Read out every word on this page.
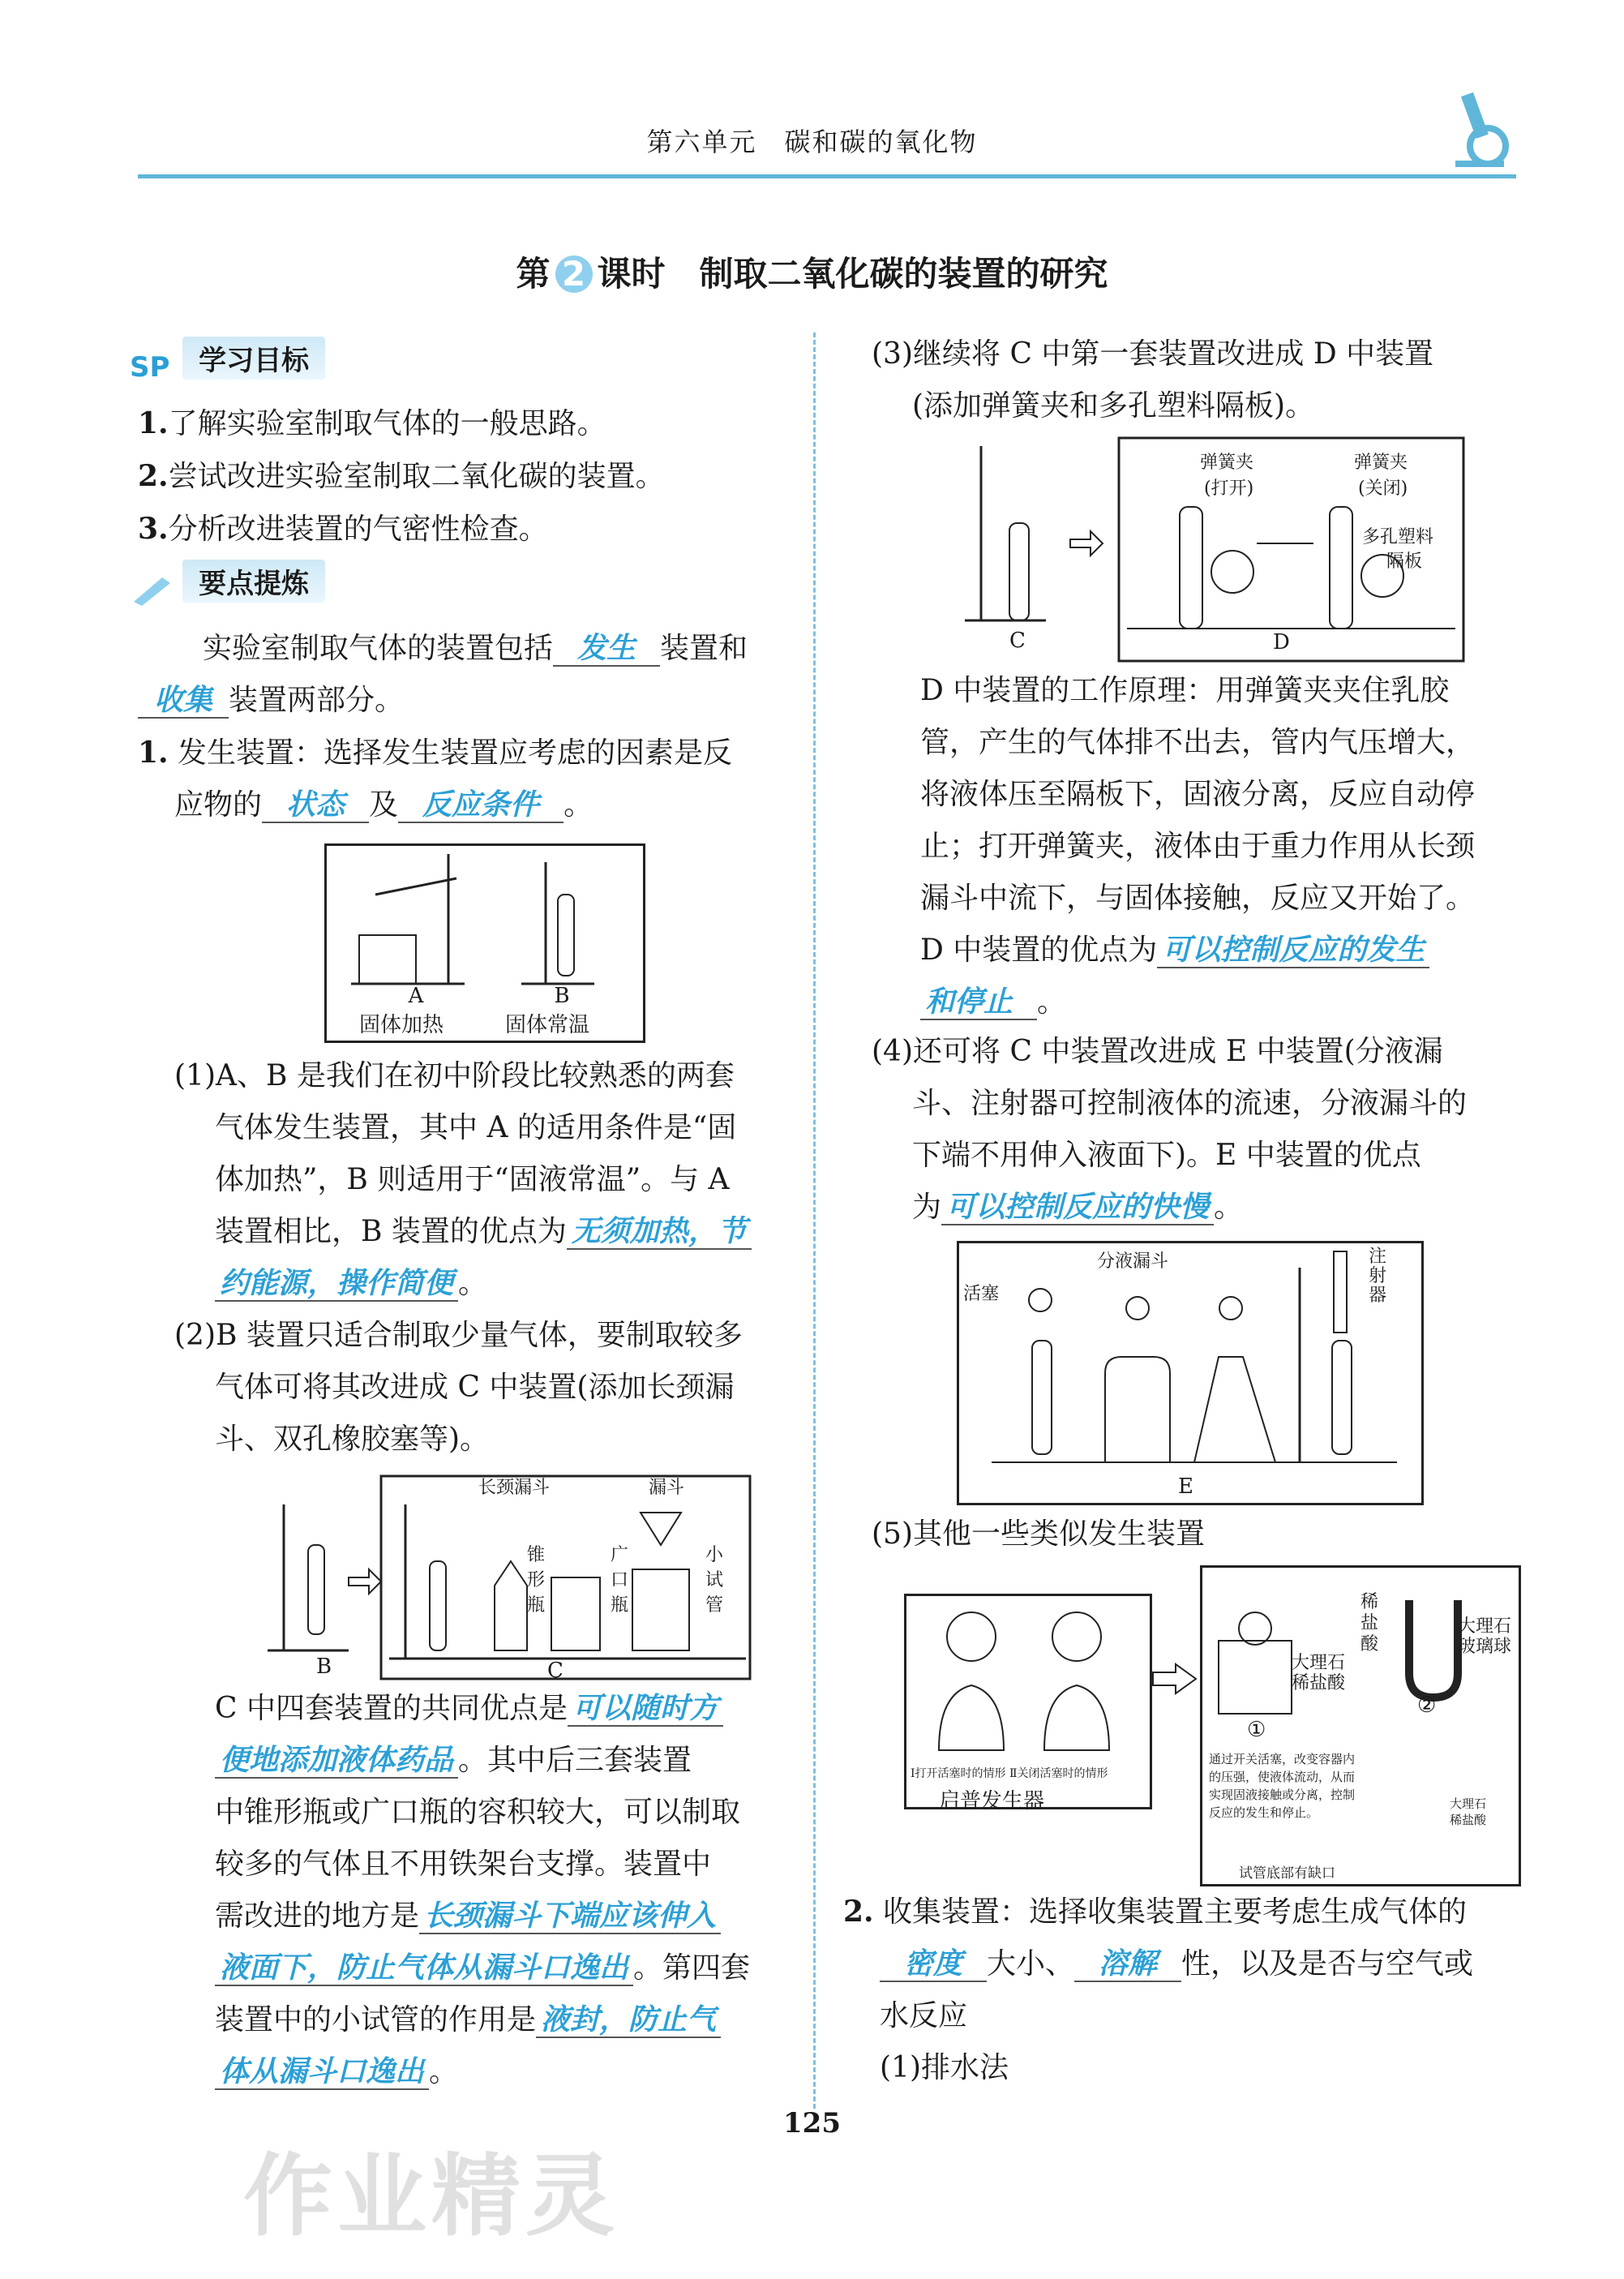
第六单元　碳和碳的氧化物
第 2 课时　制取二氧化碳的装置的研究
SP 学习目标
1.了解实验室制取气体的一般思路。
2.尝试改进实验室制取二氧化碳的装置。
3.分析改进装置的气密性检查。
要点提炼
实验室制取气体的装置包括 发生 装置和
收集 装置两部分。
1. 发生装置：选择发生装置应考虑的因素是反
应物的 状态 及 反应条件 。
A
固体加热
B
固体常温
(1)A、B 是我们在初中阶段比较熟悉的两套
气体发生装置，其中 A 的适用条件是“固
体加热”，B 则适用于“固液常温”。与 A
装置相比，B 装置的优点为 无须加热，节
约能源，操作简便 。
(2)B 装置只适合制取少量气体，要制取较多
气体可将其改进成 C 中装置(添加长颈漏
斗、双孔橡胶塞等)。
长颈漏斗	漏斗
锥形瓶
广口瓶
小试管
B	C
C 中四套装置的共同优点是 可以随时方
便地添加液体药品 。其中后三套装置
中锥形瓶或广口瓶的容积较大，可以制取
较多的气体且不用铁架台支撑。装置中
需改进的地方是 长颈漏斗下端应该伸入
液面下，防止气体从漏斗口逸出 。第四套
装置中的小试管的作用是 液封，防止气
体从漏斗口逸出 。
(3)继续将 C 中第一套装置改进成 D 中装置
(添加弹簧夹和多孔塑料隔板)。
弹簧夹
(打开)
弹簧夹
(关闭)
多孔塑料
隔板
C	D
D 中装置的工作原理：用弹簧夹夹住乳胶
管，产生的气体排不出去，管内气压增大，
将液体压至隔板下，固液分离，反应自动停
止；打开弹簧夹，液体由于重力作用从长颈
漏斗中流下，与固体接触，反应又开始了。
D 中装置的优点为 可以控制反应的发生
和停止 。
(4)还可将 C 中装置改进成 E 中装置(分液漏
斗、注射器可控制液体的流速，分液漏斗的
下端不用伸入液面下)。E 中装置的优点
为 可以控制反应的快慢 。
活塞
分液漏斗	注
射
器
E
(5)其他一些类似发生装置
Ⅰ打开活塞时的情形 Ⅱ关闭活塞时的情形
启普发生器
大理石
稀盐酸
①
稀
盐
酸
大理石
玻璃球
②
通过开关活塞，改变容器内的压强，使液体流动，从而实现固液接触或分离，控制反应的发生和停止。
大理石
稀盐酸
试管底部有缺口
2. 收集装置：选择收集装置主要考虑生成气体的
密度 大小、 溶解 性，以及是否与空气或
水反应
(1)排水法
125
作业精灵
